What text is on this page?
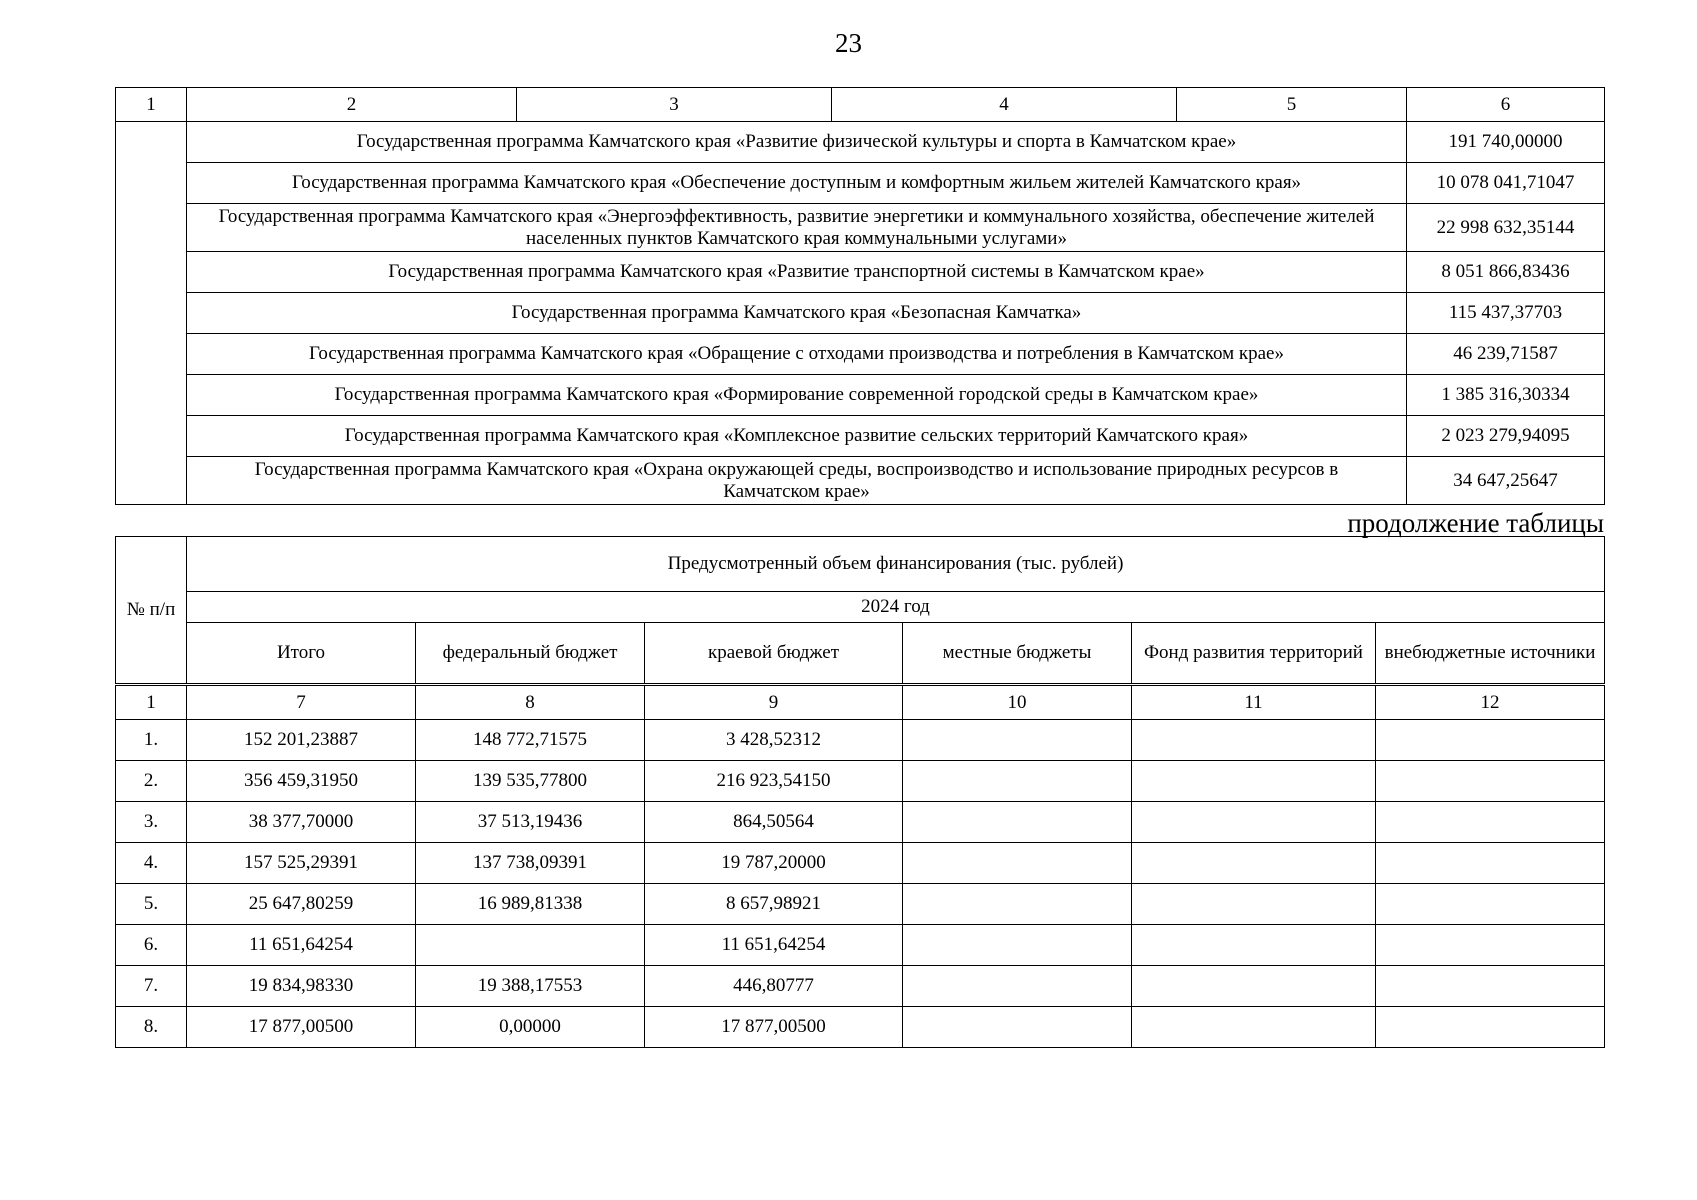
23
1	2	3	4	5	6
	Государственная программа Камчатского края «Развитие физической культуры и спорта в Камчатском крае»				191 740,00000
	Государственная программа Камчатского края «Обеспечение доступным и комфортным жильем жителей Камчатского края»				10 078 041,71047
	Государственная программа Камчатского края «Энергоэффективность, развитие энергетики и коммунального хозяйства, обеспечение жителей населенных пунктов Камчатского края коммунальными услугами»				22 998 632,35144
	Государственная программа Камчатского края «Развитие транспортной системы в Камчатском крае»				8 051 866,83436
	Государственная программа Камчатского края «Безопасная Камчатка»				115 437,37703
	Государственная программа Камчатского края «Обращение с отходами производства и потребления в Камчатском крае»				46 239,71587
	Государственная программа Камчатского края «Формирование современной городской среды в Камчатском крае»				1 385 316,30334
	Государственная программа Камчатского края «Комплексное развитие сельских территорий Камчатского края»				2 023 279,94095
	Государственная программа Камчатского края «Охрана окружающей среды, воспроизводство и использование природных ресурсов в Камчатском крае»				34 647,25647
продолжение таблицы
№ п/п	Предусмотренный объем финансирования (тыс. рублей)					
	2024 год					
	Итого	федеральный бюджет	краевой бюджет	местные бюджеты	Фонд развития территорий	внебюджетные источники
1	7	8	9	10	11	12
1.	152 201,23887	148 772,71575	3 428,52312			
2.	356 459,31950	139 535,77800	216 923,54150			
3.	38 377,70000	37 513,19436	864,50564			
4.	157 525,29391	137 738,09391	19 787,20000			
5.	25 647,80259	16 989,81338	8 657,98921			
6.	11 651,64254		11 651,64254			
7.	19 834,98330	19 388,17553	446,80777			
8.	17 877,00500	0,00000	17 877,00500			
